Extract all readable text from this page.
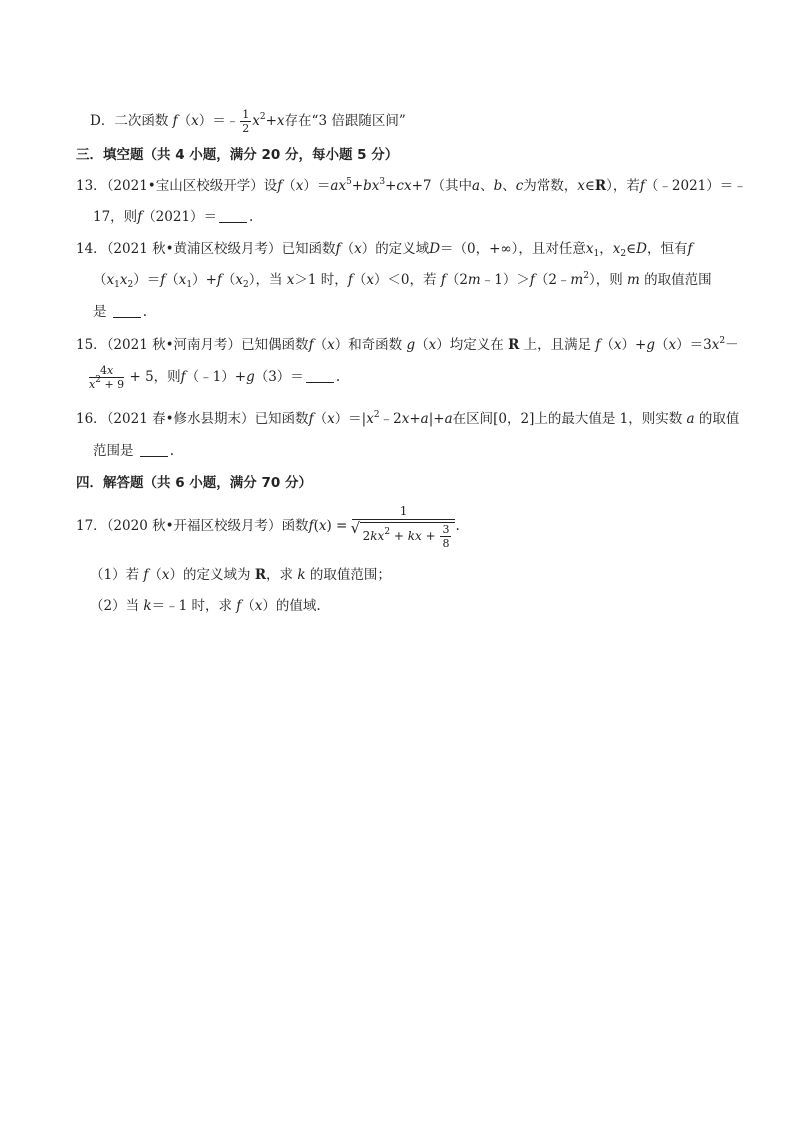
D．二次函数 f（x）＝﹣ $\frac{1}{2} x^2+x$存在“3 倍跟随区间”
三．填空题（共 4 小题，满分 20 分，每小题 5 分）
13．（2021•宝山区校级开学）设$f(x)=ax^5+bx^3+cx+7$（其中a、b、c为常数，x∈R），若f（﹣2021）＝﹣
17，则f（2021）＝ .
14．（2021 秋•黄浦区校级月考）已知函数f（x）的定义域D＝（0，+∞），且对任意$x_1$，$x_2\in D$，恒有f
$(x_1x_2)=f(x_1)+f(x_2)$，当 x＞1 时，f（x）＜0，若 $f(2m﹣1)>f(2﹣m^2)$，则 m 的取值范围
是	.
15．（2021 秋•河南月考）已知偶函数f（x）和奇函数 g（x）均定义在 R 上，且满足 $f(x)+g(x)=3x^2-$
$\frac{4x}{x^2 + 9} + 5$，则f（﹣1）+g（3）＝ .
16．（2021 春•修水县期末）已知函数$f(x)=|x^2﹣2x+a|+a$在区间[0，2]上的最大值是 1，则实数 a 的取值
范围是	.
四．解答题（共 6 小题，满分 70 分）
17．（2020 秋•开福区校级月考）函数f(x) = 1
√ $2kx^2$ + kx + $\frac{3}{8}$ .
（1）若 f（x）的定义域为 R，求 k 的取值范围；
（2）当 k＝﹣1 时，求 f（x）的值域.
